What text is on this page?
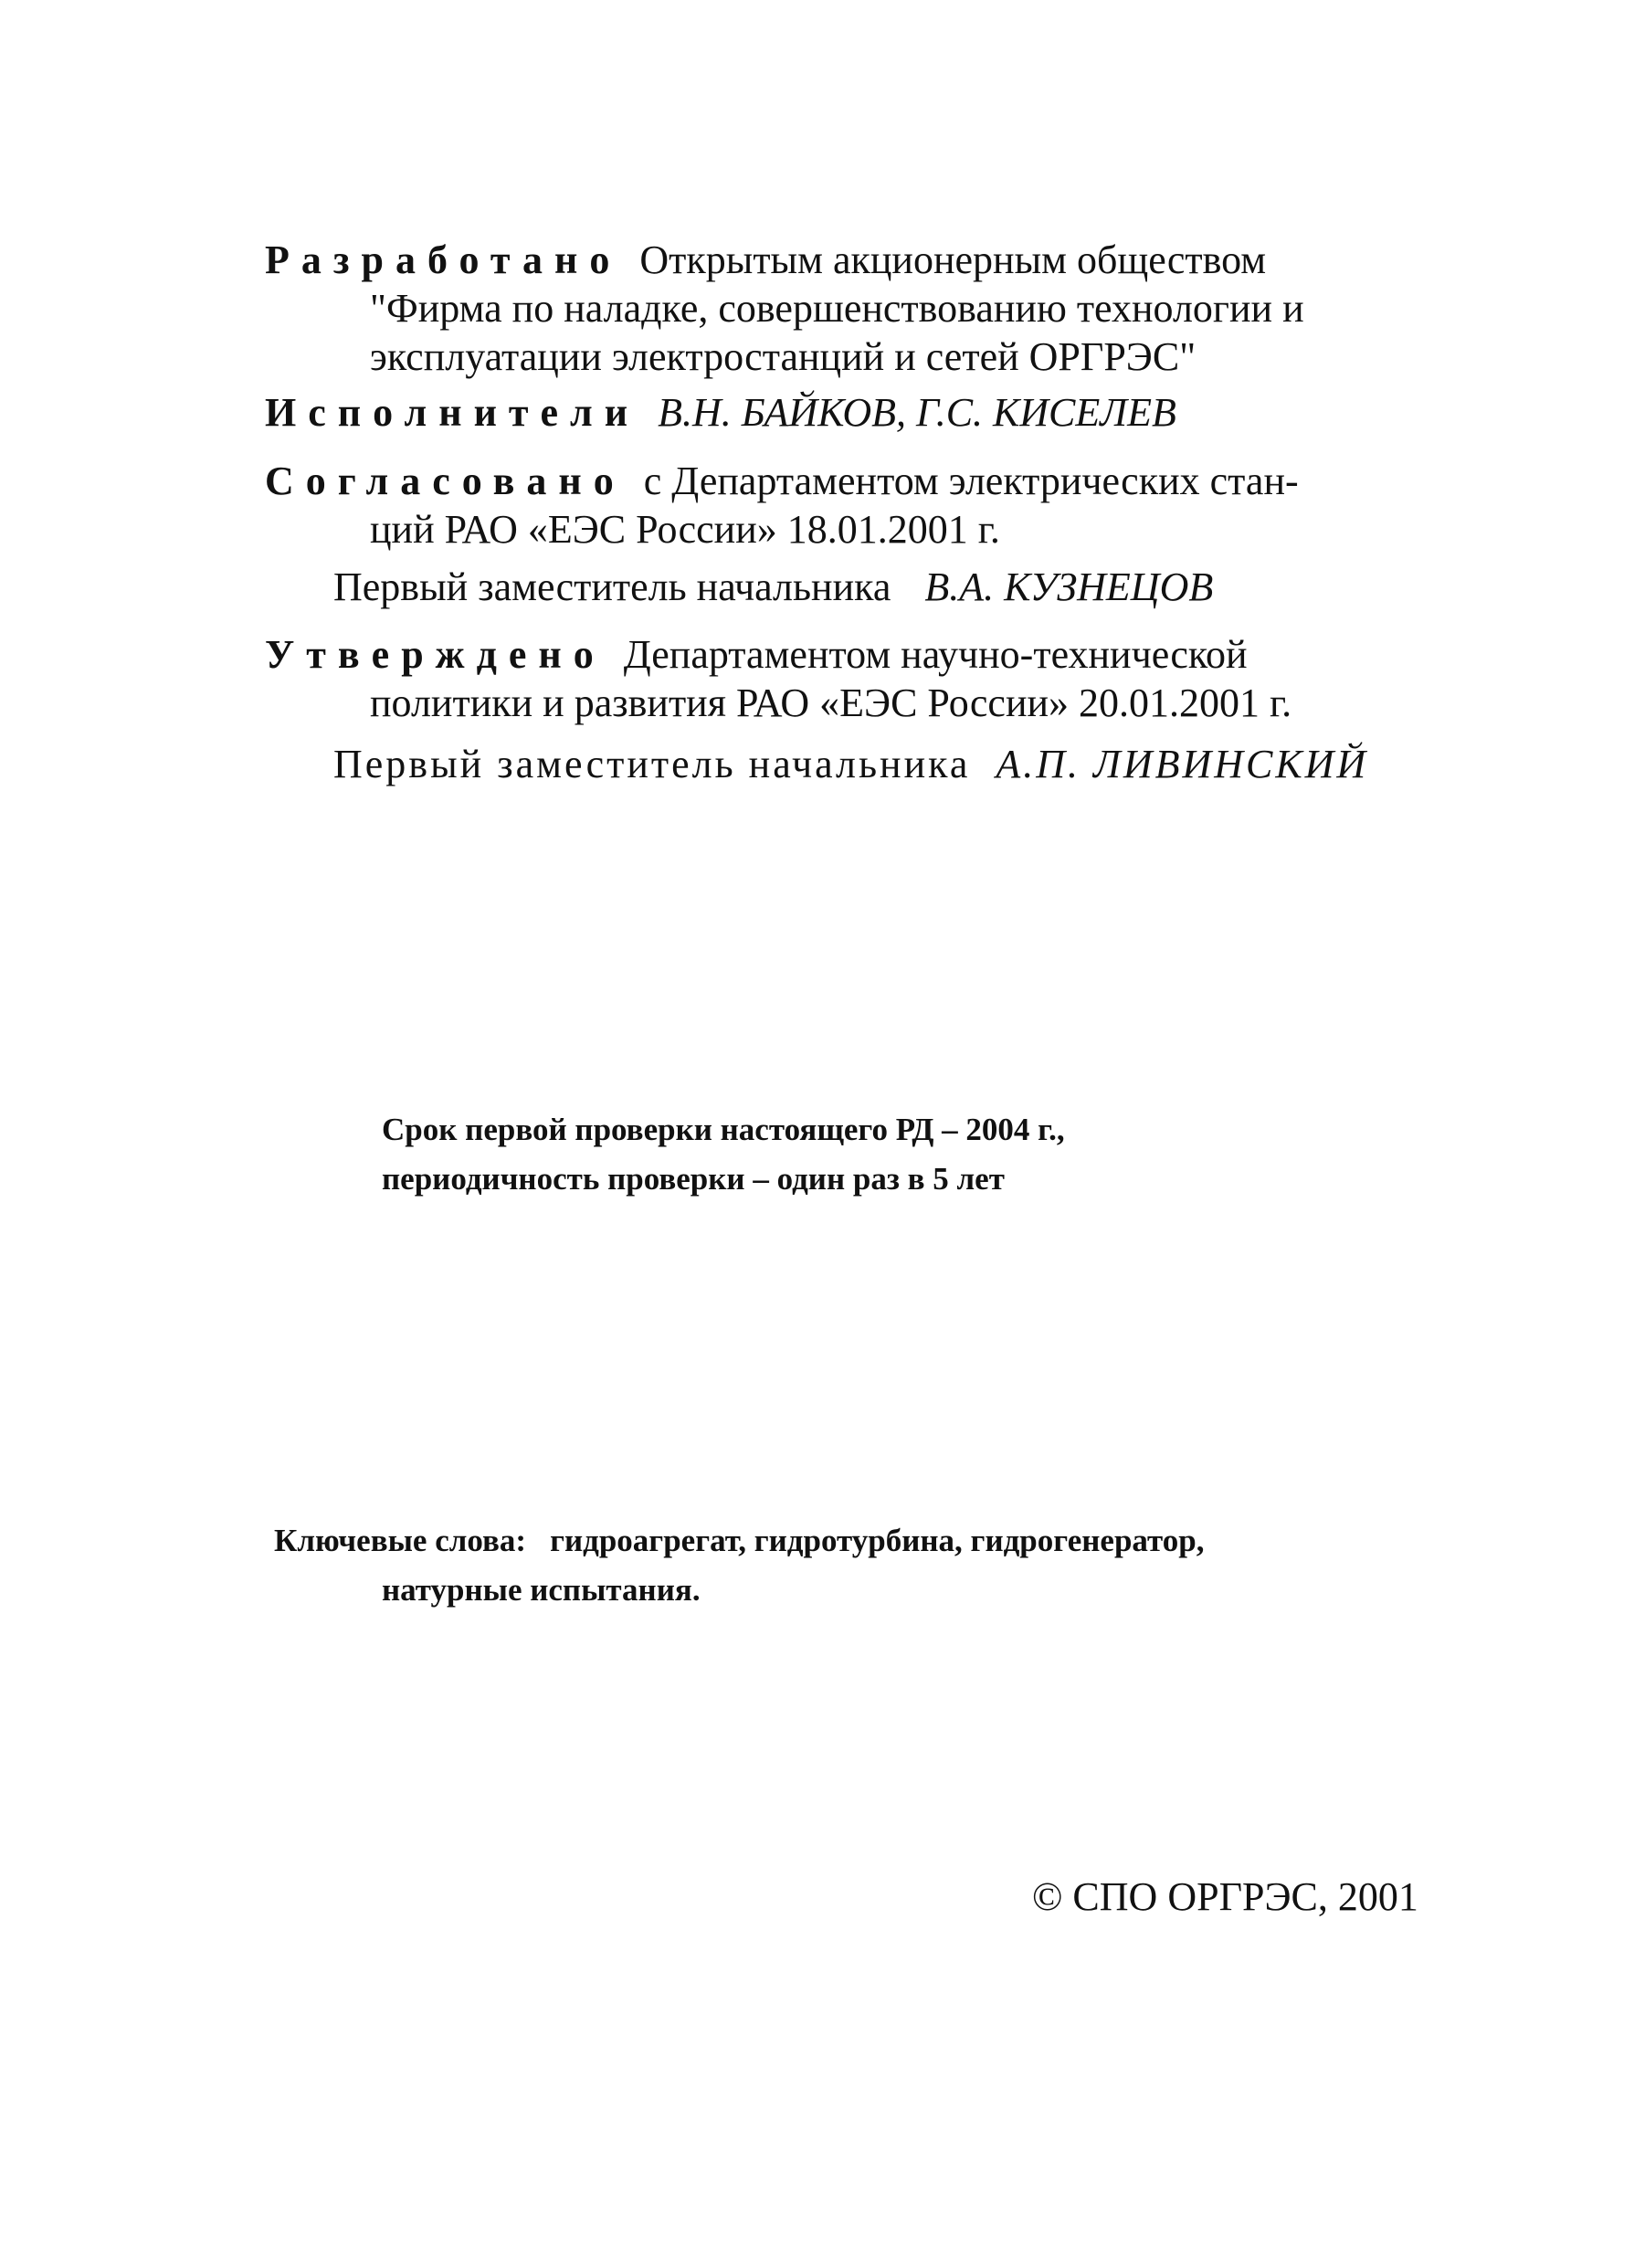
Разработано Открытым акционерным обществом
"Фирма по наладке, совершенствованию технологии и
эксплуатации электростанций и сетей ОРГРЭС"

Исполнители В.Н. БАЙКОВ, Г.С. КИСЕЛЕВ

Согласовано с Департаментом электрических стан-
ций РАО «ЕЭС России» 18.01.2001 г.

Первый заместитель начальника В.А. КУЗНЕЦОВ

Утверждено Департаментом научно-технической
политики и развития РАО «ЕЭС России» 20.01.2001 г.

Первый заместитель начальника А.П. ЛИВИНСКИЙ

Срок первой проверки настоящего РД – 2004 г.,
периодичность проверки – один раз в 5 лет

Ключевые слова: гидроагрегат, гидротурбина, гидрогенератор,
натурные испытания.

© СПО ОРГРЭС, 2001
